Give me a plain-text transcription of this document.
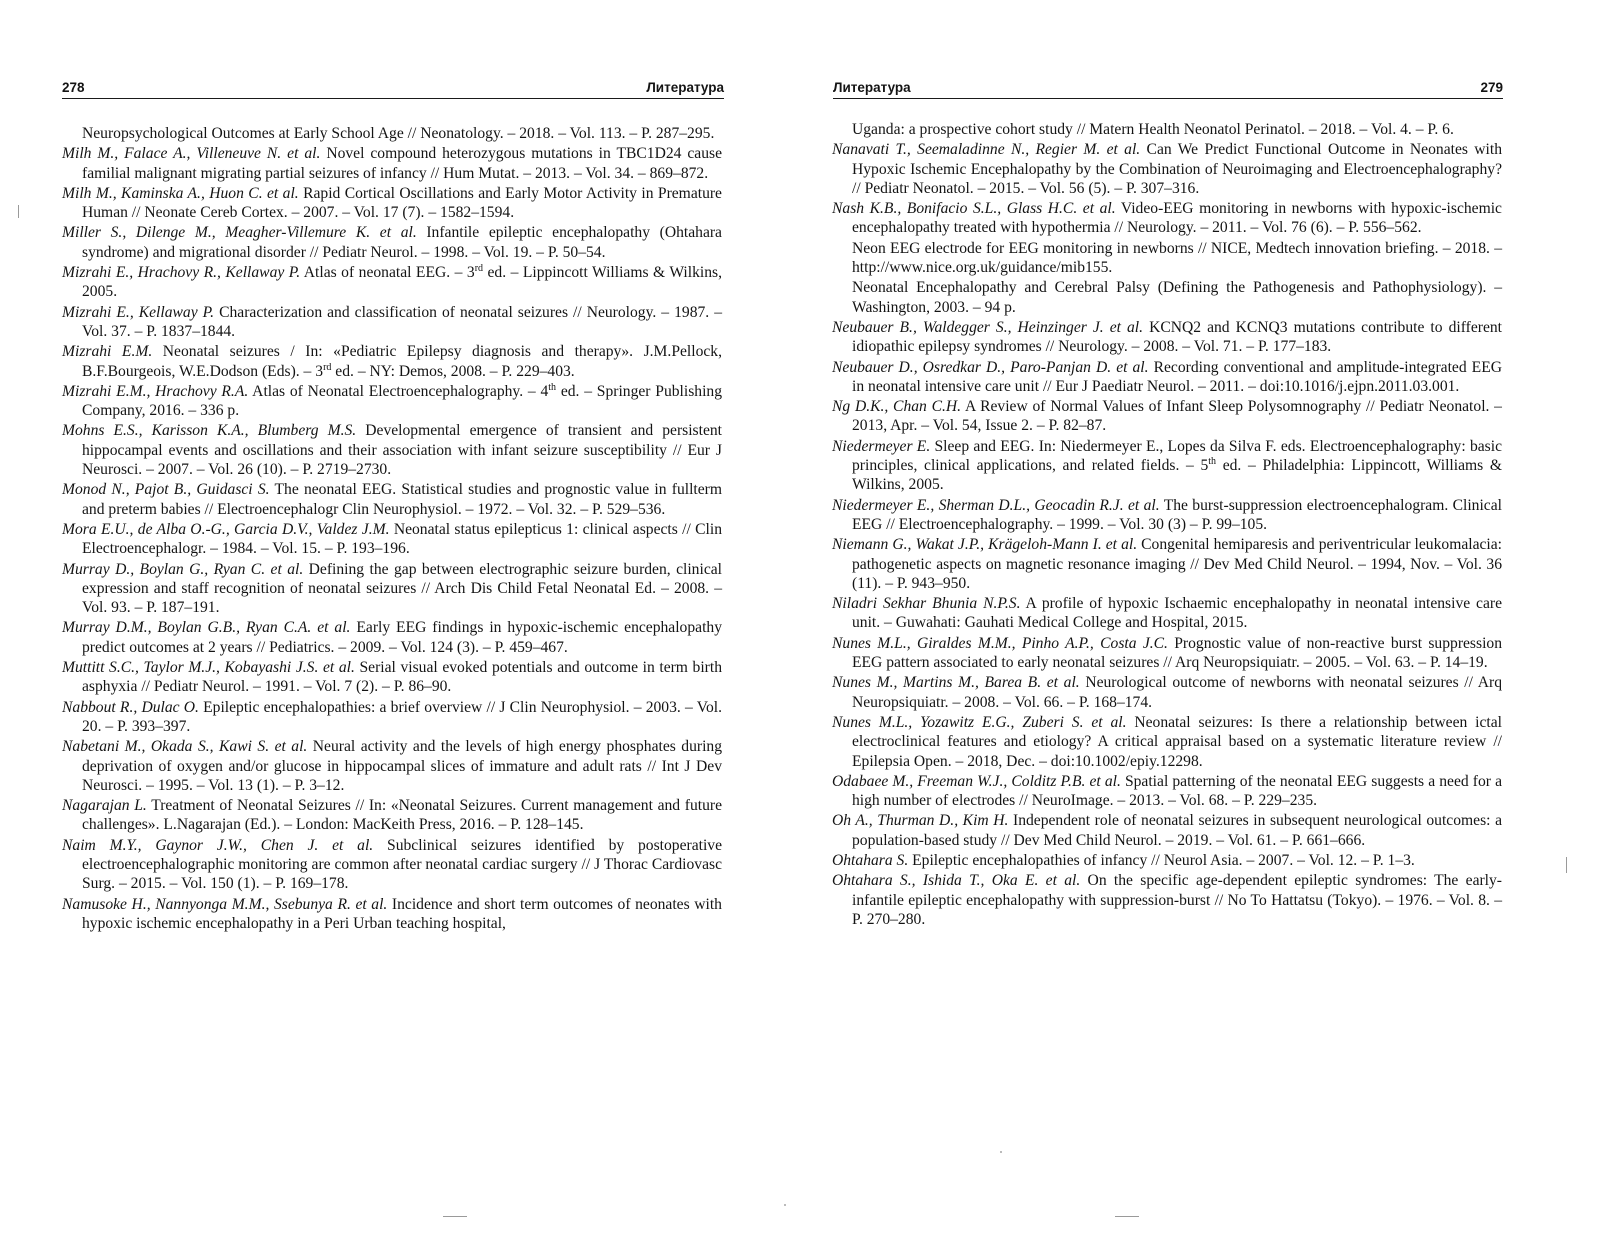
278	Литература
Neuropsychological Outcomes at Early School Age // Neonatology. – 2018. – Vol. 113. – P. 287–295.
Milh M., Falace A., Villeneuve N. et al. Novel compound heterozygous mutations in TBC1D24 cause familial malignant migrating partial seizures of infancy // Hum Mutat. – 2013. – Vol. 34. – 869–872.
Milh M., Kaminska A., Huon C. et al. Rapid Cortical Oscillations and Early Motor Activity in Premature Human // Neonate Cereb Cortex. – 2007. – Vol. 17 (7). – 1582–1594.
Miller S., Dilenge M., Meagher-Villemure K. et al. Infantile epileptic encephalopathy (Ohtahara syndrome) and migrational disorder // Pediatr Neurol. – 1998. – Vol. 19. – P. 50–54.
Mizrahi E., Hrachovy R., Kellaway P. Atlas of neonatal EEG. – 3rd ed. – Lippincott Williams & Wilkins, 2005.
Mizrahi E., Kellaway P. Characterization and classification of neonatal seizures // Neurology. – 1987. – Vol. 37. – P. 1837–1844.
Mizrahi E.M. Neonatal seizures / In: «Pediatric Epilepsy diagnosis and therapy». J.M.Pellock, B.F.Bourgeois, W.E.Dodson (Eds). – 3rd ed. – NY: Demos, 2008. – P. 229–403.
Mizrahi E.M., Hrachovy R.A. Atlas of Neonatal Electroencephalography. – 4th ed. – Springer Publishing Company, 2016. – 336 p.
Mohns E.S., Karisson K.A., Blumberg M.S. Developmental emergence of transient and persistent hippocampal events and oscillations and their association with infant seizure susceptibility // Eur J Neurosci. – 2007. – Vol. 26 (10). – P. 2719–2730.
Monod N., Pajot B., Guidasci S. The neonatal EEG. Statistical studies and prognostic value in fullterm and preterm babies // Electroencephalogr Clin Neurophysiol. – 1972. – Vol. 32. – P. 529–536.
Mora E.U., de Alba O.-G., Garcia D.V., Valdez J.M. Neonatal status epilepticus 1: clinical aspects // Clin Electroencephalogr. – 1984. – Vol. 15. – P. 193–196.
Murray D., Boylan G., Ryan C. et al. Defining the gap between electrographic seizure burden, clinical expression and staff recognition of neonatal seizures // Arch Dis Child Fetal Neonatal Ed. – 2008. – Vol. 93. – P. 187–191.
Murray D.M., Boylan G.B., Ryan C.A. et al. Early EEG findings in hypoxic-ischemic encephalopathy predict outcomes at 2 years // Pediatrics. – 2009. – Vol. 124 (3). – P. 459–467.
Muttitt S.C., Taylor M.J., Kobayashi J.S. et al. Serial visual evoked potentials and outcome in term birth asphyxia // Pediatr Neurol. – 1991. – Vol. 7 (2). – P. 86–90.
Nabbout R., Dulac O. Epileptic encephalopathies: a brief overview // J Clin Neurophysiol. – 2003. – Vol. 20. – P. 393–397.
Nabetani M., Okada S., Kawi S. et al. Neural activity and the levels of high energy phosphates during deprivation of oxygen and/or glucose in hippocampal slices of immature and adult rats // Int J Dev Neurosci. – 1995. – Vol. 13 (1). – P. 3–12.
Nagarajan L. Treatment of Neonatal Seizures // In: «Neonatal Seizures. Current management and future challenges». L.Nagarajan (Ed.). – London: MacKeith Press, 2016. – P. 128–145.
Naim M.Y., Gaynor J.W., Chen J. et al. Subclinical seizures identified by postoperative electroencephalographic monitoring are common after neonatal cardiac surgery // J Thorac Cardiovasc Surg. – 2015. – Vol. 150 (1). – P. 169–178.
Namusoke H., Nannyonga M.M., Ssebunya R. et al. Incidence and short term outcomes of neonates with hypoxic ischemic encephalopathy in a Peri Urban teaching hospital,
Литература	279
Uganda: a prospective cohort study // Matern Health Neonatol Perinatol. – 2018. – Vol. 4. – P. 6.
Nanavati T., Seemaladinne N., Regier M. et al. Can We Predict Functional Outcome in Neonates with Hypoxic Ischemic Encephalopathy by the Combination of Neuroimaging and Electroencephalography? // Pediatr Neonatol. – 2015. – Vol. 56 (5). – P. 307–316.
Nash K.B., Bonifacio S.L., Glass H.C. et al. Video-EEG monitoring in newborns with hypoxic-ischemic encephalopathy treated with hypothermia // Neurology. – 2011. – Vol. 76 (6). – P. 556–562.
Neon EEG electrode for EEG monitoring in newborns // NICE, Medtech innovation briefing. – 2018. – http://www.nice.org.uk/guidance/mib155.
Neonatal Encephalopathy and Cerebral Palsy (Defining the Pathogenesis and Pathophysiology). – Washington, 2003. – 94 p.
Neubauer B., Waldegger S., Heinzinger J. et al. KCNQ2 and KCNQ3 mutations contribute to different idiopathic epilepsy syndromes // Neurology. – 2008. – Vol. 71. – P. 177–183.
Neubauer D., Osredkar D., Paro-Panjan D. et al. Recording conventional and amplitude-integrated EEG in neonatal intensive care unit // Eur J Paediatr Neurol. – 2011. – doi:10.1016/j.ejpn.2011.03.001.
Ng D.K., Chan C.H. A Review of Normal Values of Infant Sleep Polysomnography // Pediatr Neonatol. – 2013, Apr. – Vol. 54, Issue 2. – P. 82–87.
Niedermeyer E. Sleep and EEG. In: Niedermeyer E., Lopes da Silva F. eds. Electroencephalography: basic principles, clinical applications, and related fields. – 5th ed. – Philadelphia: Lippincott, Williams & Wilkins, 2005.
Niedermeyer E., Sherman D.L., Geocadin R.J. et al. The burst-suppression electroencephalogram. Clinical EEG // Electroencephalography. – 1999. – Vol. 30 (3) – P. 99–105.
Niemann G., Wakat J.P., Krägeloh-Mann I. et al. Congenital hemiparesis and periventricular leukomalacia: pathogenetic aspects on magnetic resonance imaging // Dev Med Child Neurol. – 1994, Nov. – Vol. 36 (11). – P. 943–950.
Niladri Sekhar Bhunia N.P.S. A profile of hypoxic Ischaemic encephalopathy in neonatal intensive care unit. – Guwahati: Gauhati Medical College and Hospital, 2015.
Nunes M.L., Giraldes M.M., Pinho A.P., Costa J.C. Prognostic value of non-reactive burst suppression EEG pattern associated to early neonatal seizures // Arq Neuropsiquiatr. – 2005. – Vol. 63. – P. 14–19.
Nunes M., Martins M., Barea B. et al. Neurological outcome of newborns with neonatal seizures // Arq Neuropsiquiatr. – 2008. – Vol. 66. – P. 168–174.
Nunes M.L., Yozawitz E.G., Zuberi S. et al. Neonatal seizures: Is there a relationship between ictal electroclinical features and etiology? A critical appraisal based on a systematic literature review // Epilepsia Open. – 2018, Dec. – doi:10.1002/epiy.12298.
Odabaee M., Freeman W.J., Colditz P.B. et al. Spatial patterning of the neonatal EEG suggests a need for a high number of electrodes // NeuroImage. – 2013. – Vol. 68. – P. 229–235.
Oh A., Thurman D., Kim H. Independent role of neonatal seizures in subsequent neurological outcomes: a population-based study // Dev Med Child Neurol. – 2019. – Vol. 61. – P. 661–666.
Ohtahara S. Epileptic encephalopathies of infancy // Neurol Asia. – 2007. – Vol. 12. – P. 1–3.
Ohtahara S., Ishida T., Oka E. et al. On the specific age-dependent epileptic syndromes: The early-infantile epileptic encephalopathy with suppression-burst // No To Hattatsu (Tokyo). – 1976. – Vol. 8. – P. 270–280.
